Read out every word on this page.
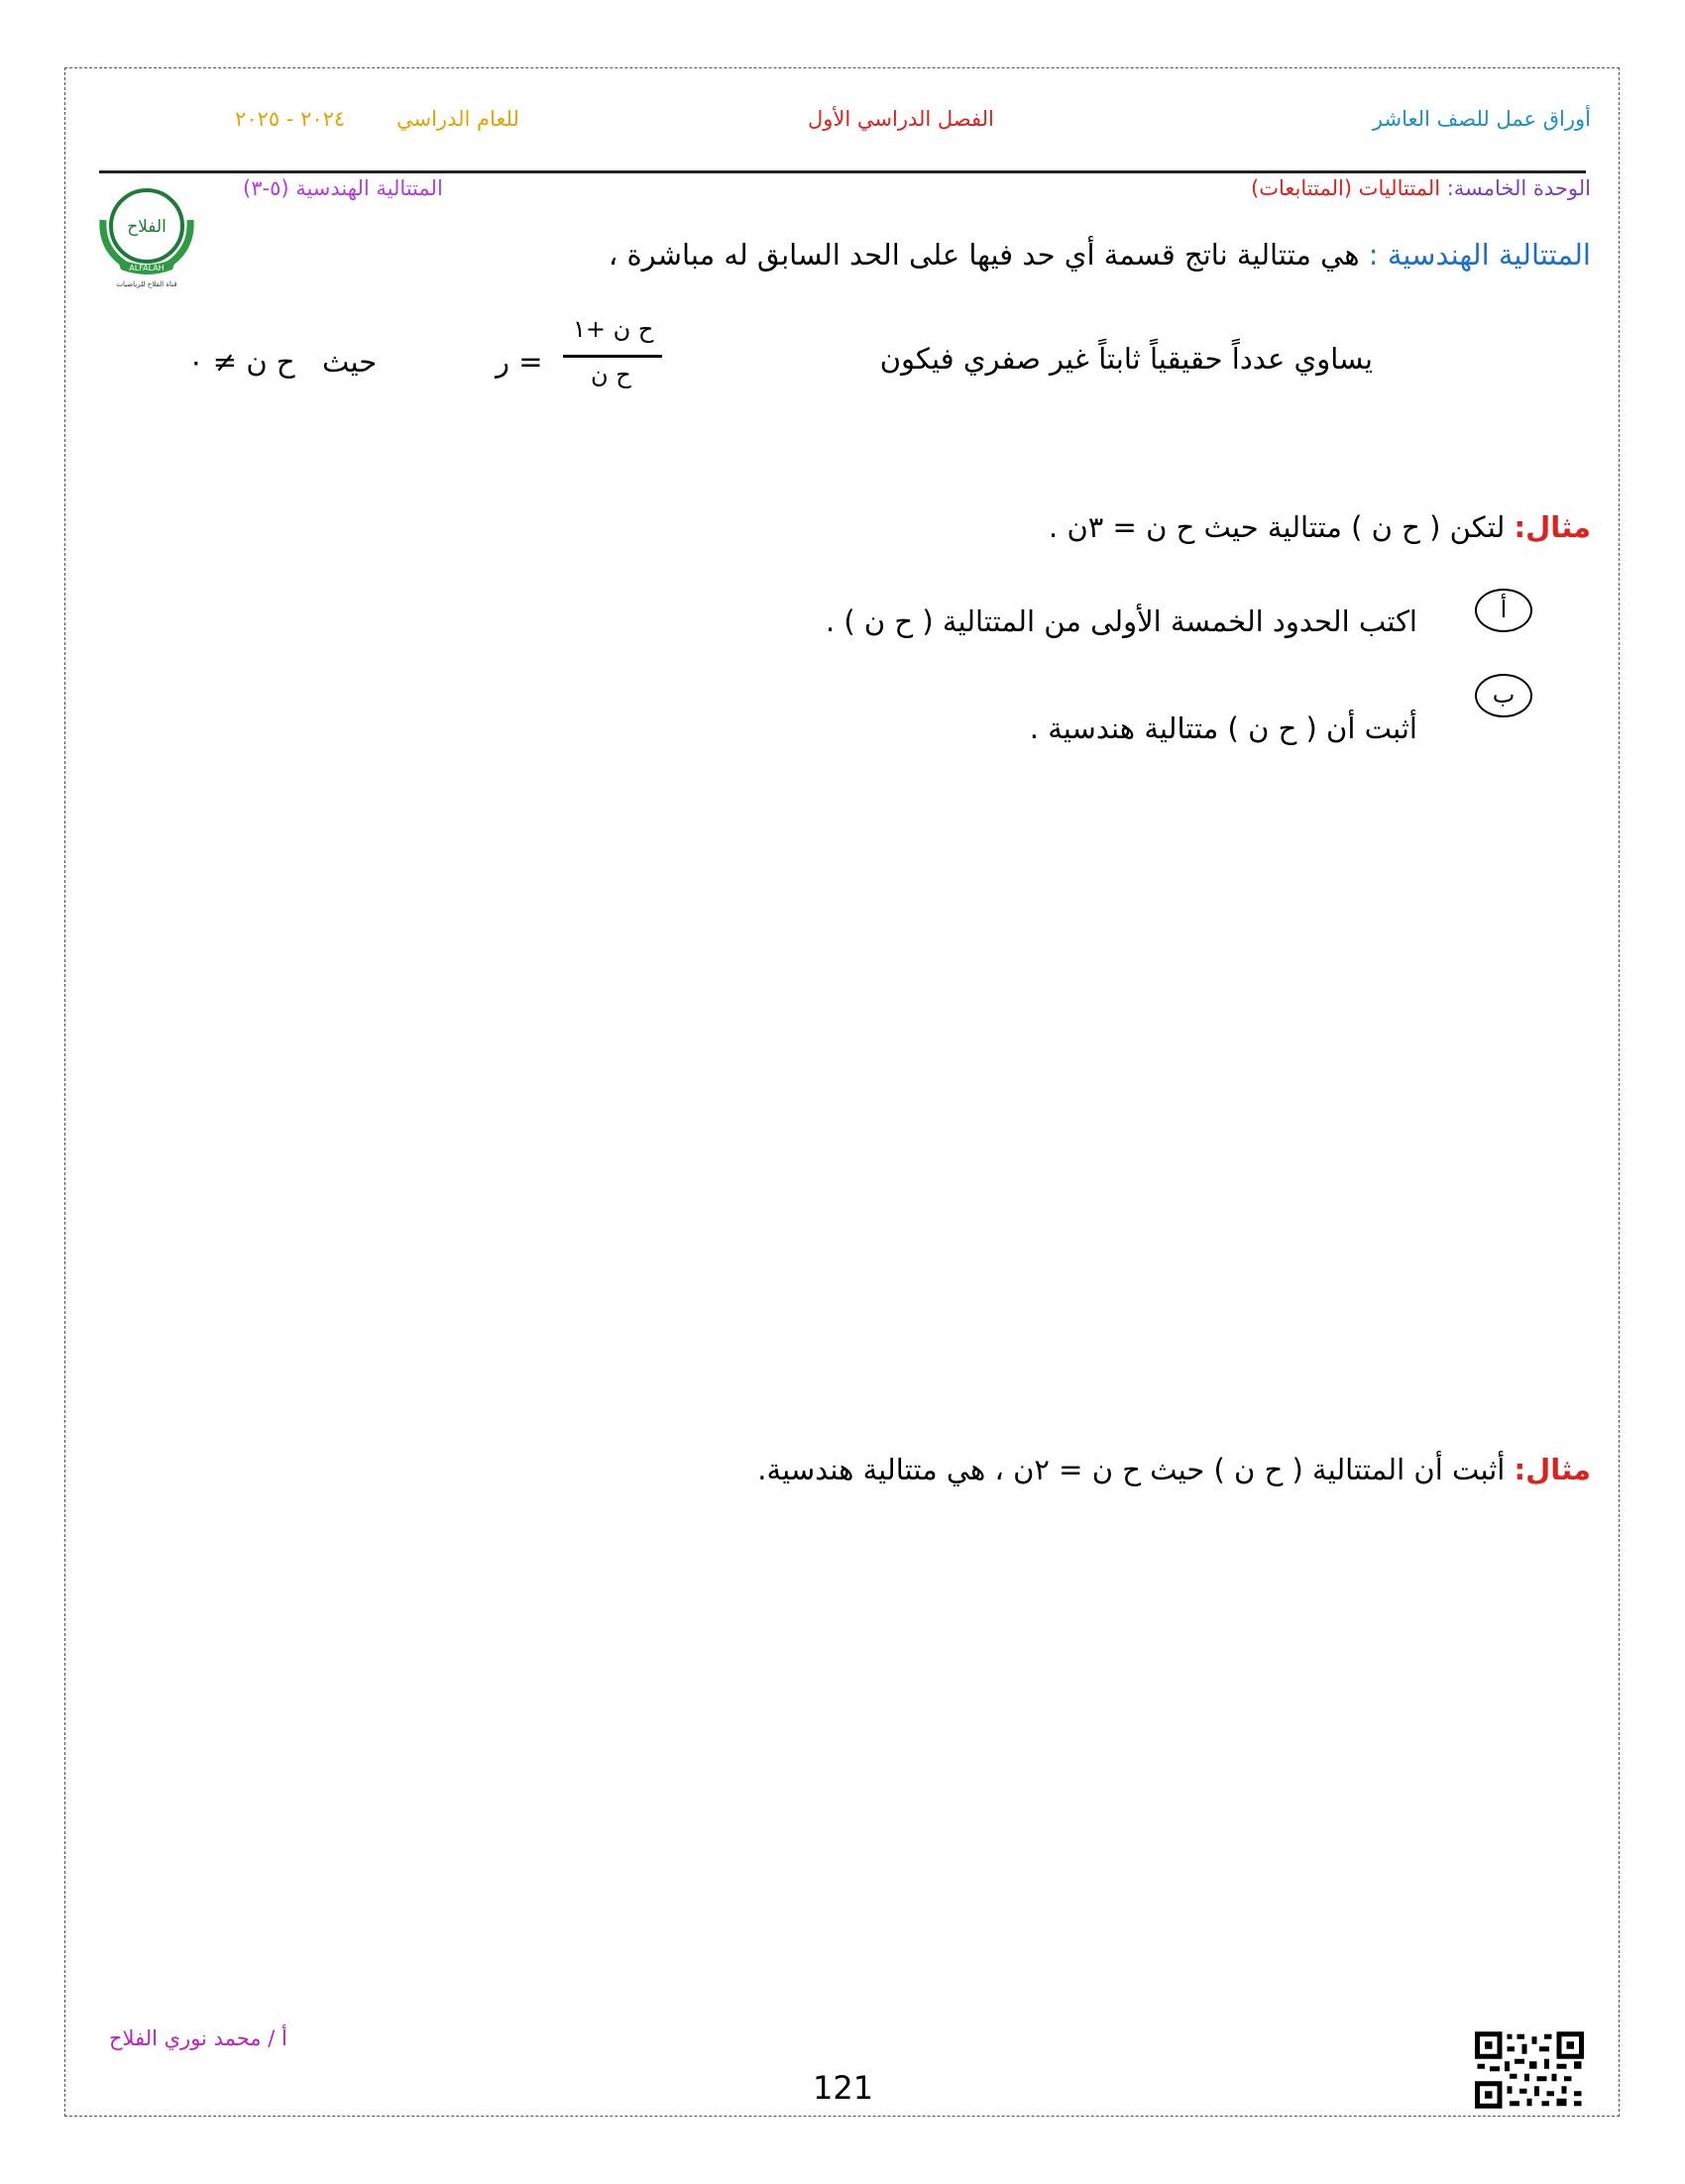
أوراق عمل للصف العاشر
الفصل الدراسي الأول
للعام الدراسي
٢٠٢٤ - ٢٠٢٥
الوحدة الخامسة: المتتاليات (المتتابعات)
المتتالية الهندسية (٥-٣)
الفلاح
ALFALAH
قناة الفلاح للرياضيات
المتتالية الهندسية : هي متتالية ناتج قسمة أي حد فيها على الحد السابق له مباشرة ،
يساوي عدداً حقيقياً ثابتاً غير صفري فيكون
ح ن +١
ح ن
= ر
حيث
ح ن ≠ ٠
مثال: لتكن ( ح ن ) متتالية حيث ح ن = ٣ن .
أ
اكتب الحدود الخمسة الأولى من المتتالية ( ح ن ) .
ب
أثبت أن ( ح ن ) متتالية هندسية .
مثال: أثبت أن المتتالية ( ح ن ) حيث ح ن = ٢ن ، هي متتالية هندسية.
أ / محمد نوري الفلاح
121
